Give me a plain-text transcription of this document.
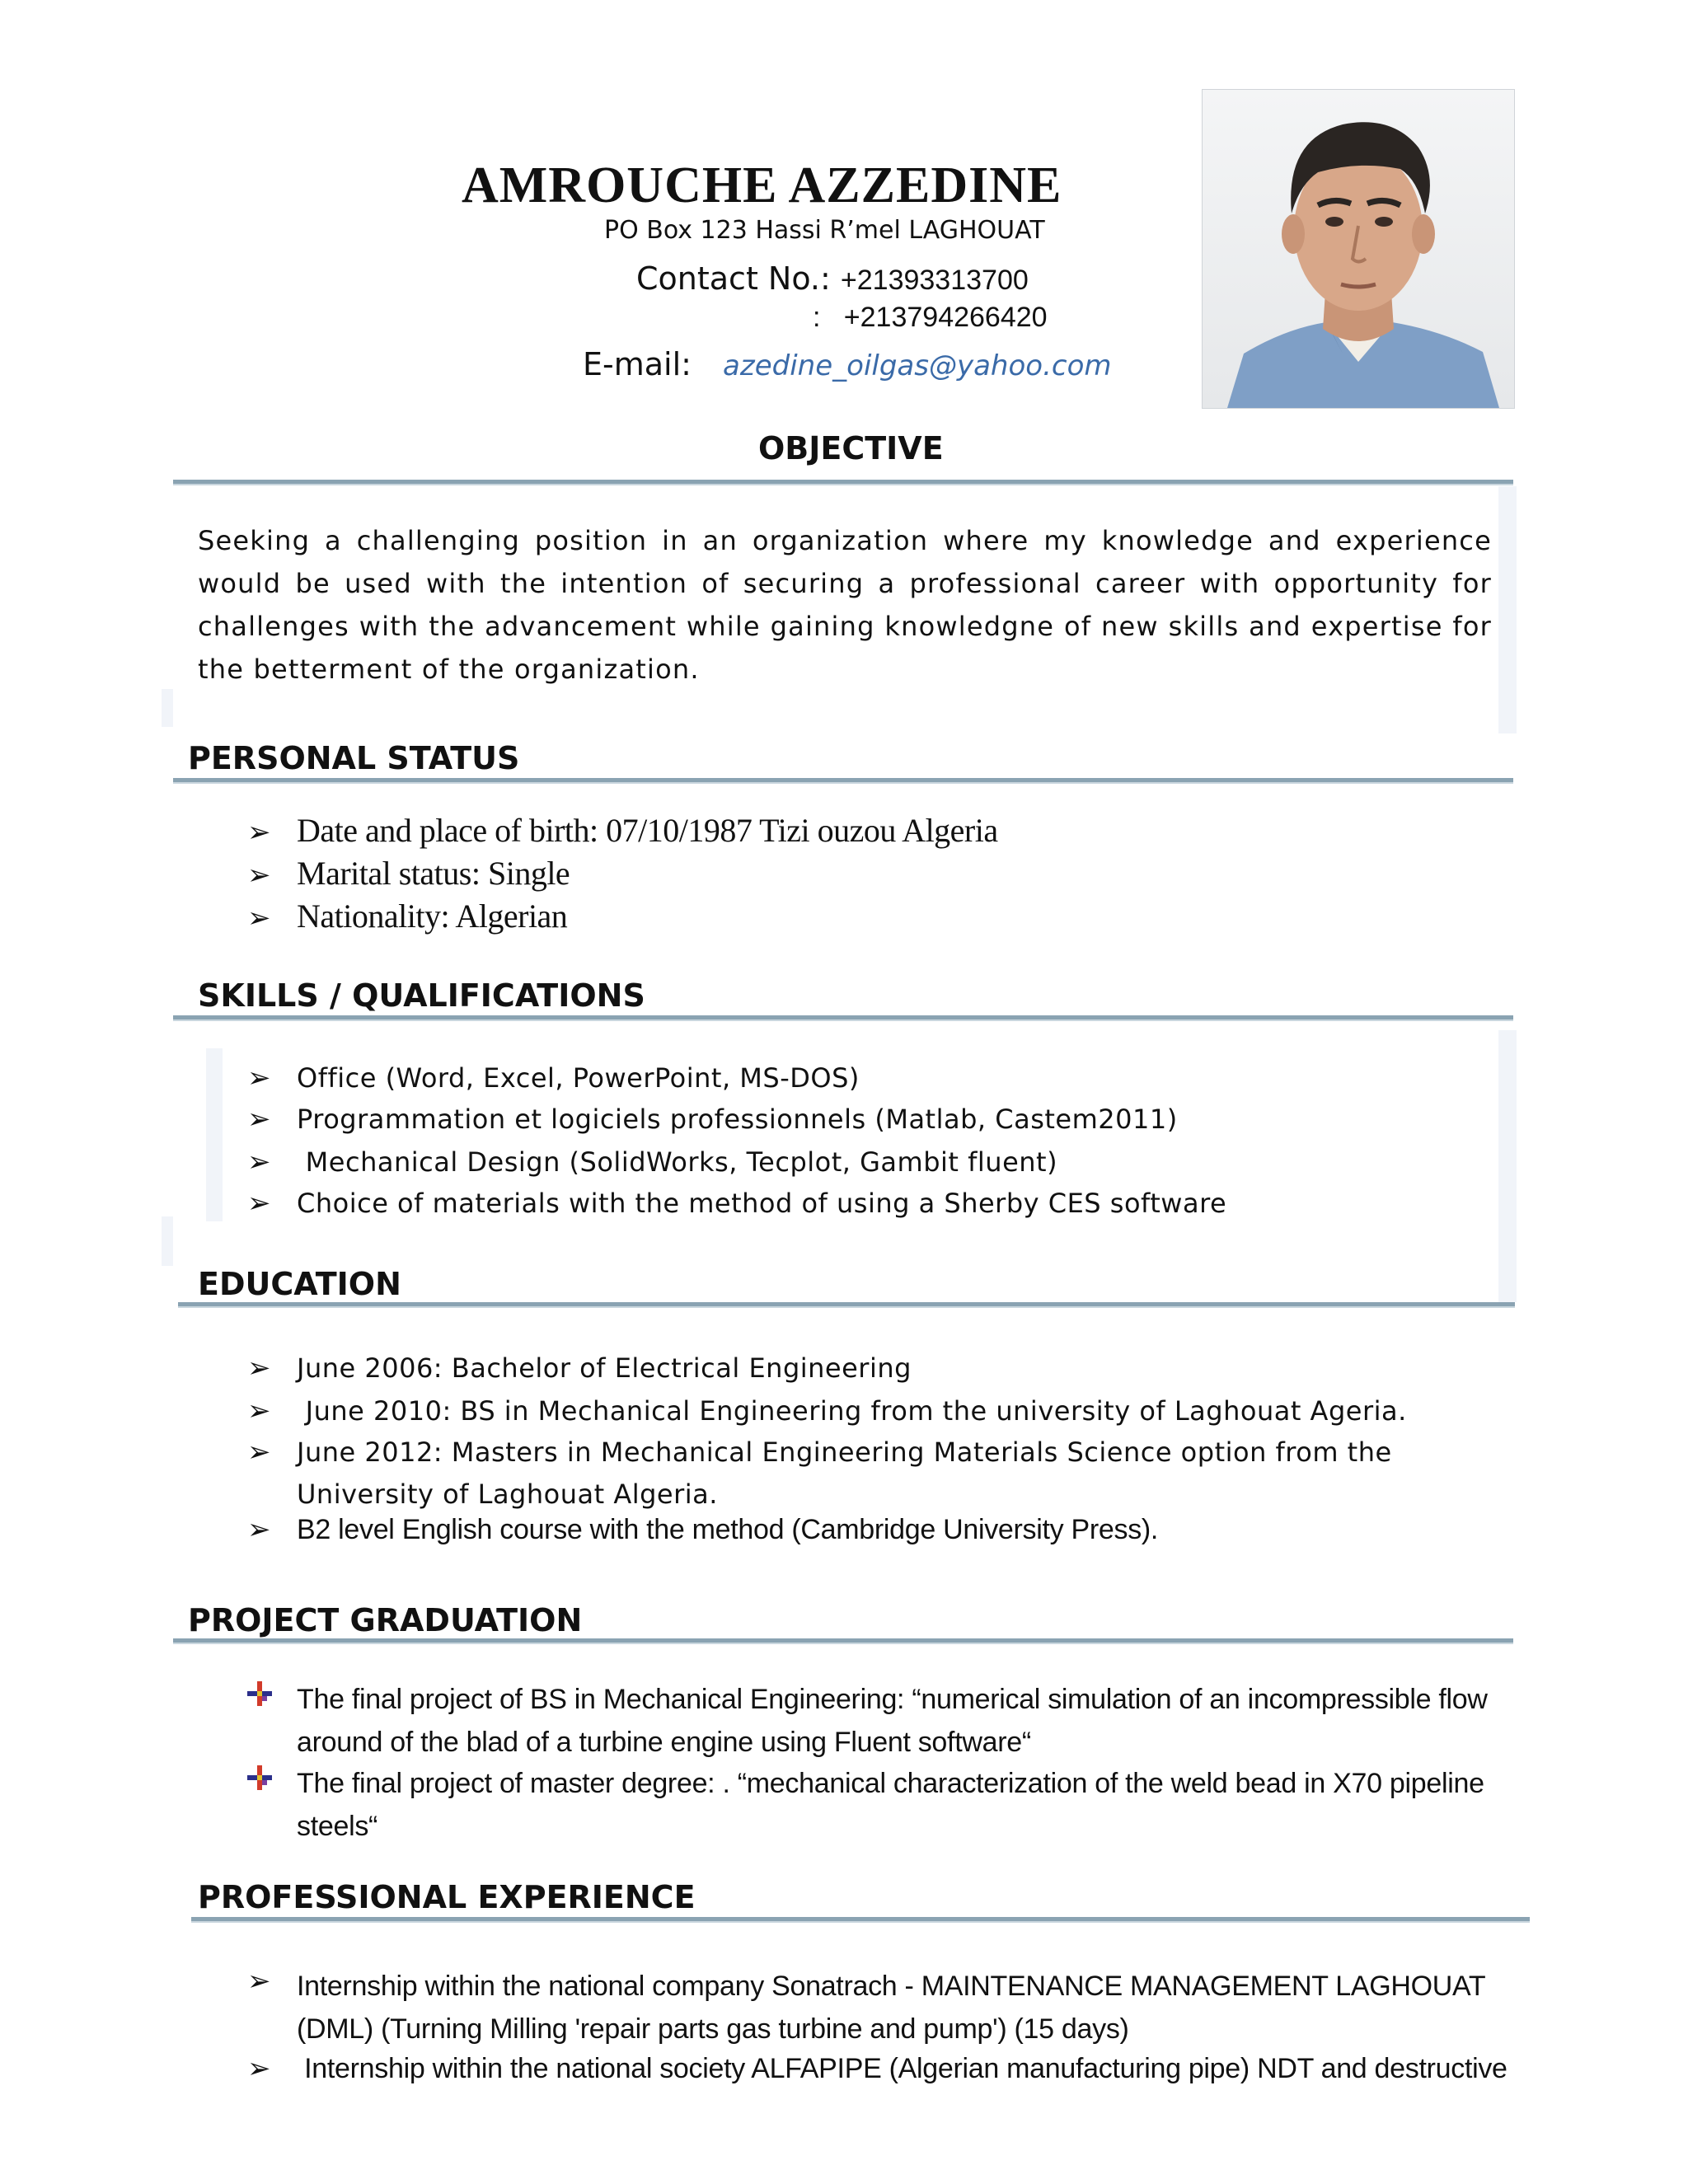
AMROUCHE AZZEDINE
PO Box 123 Hassi R’mel LAGHOUAT
Contact No.: +21393313700
: +213794266420
E-mail: azedine_oilgas@yahoo.com
OBJECTIVE
Seeking a challenging position in an organization where my knowledge and experience would be used with the intention of securing a professional career with opportunity for challenges with the advancement while gaining knowledgne of new skills and expertise for the betterment of the organization.
PERSONAL STATUS
➢ Date and place of birth: 07/10/1987 Tizi ouzou Algeria
➢ Marital status: Single
➢ Nationality: Algerian
SKILLS / QUALIFICATIONS
➢ Office (Word, Excel, PowerPoint, MS-DOS)
➢ Programmation et logiciels professionnels (Matlab, Castem2011)
➢ Mechanical Design (SolidWorks, Tecplot, Gambit fluent)
➢ Choice of materials with the method of using a Sherby CES software
EDUCATION
➢ June 2006: Bachelor of Electrical Engineering
➢ June 2010: BS in Mechanical Engineering from the university of Laghouat Ageria.
➢ June 2012: Masters in Mechanical Engineering Materials Science option from the
University of Laghouat Algeria.
➢ B2 level English course with the method (Cambridge University Press).
PROJECT GRADUATION
The final project of BS in Mechanical Engineering: “numerical simulation of an incompressible flow
around of the blad of a turbine engine using Fluent software“
The final project of master degree: . “mechanical characterization of the weld bead in X70 pipeline
steels“
PROFESSIONAL EXPERIENCE
➢ Internship within the national company Sonatrach - MAINTENANCE MANAGEMENT LAGHOUAT
(DML) (Turning Milling 'repair parts gas turbine and pump') (15 days)
➢ Internship within the national society ALFAPIPE (Algerian manufacturing pipe) NDT and destructive
